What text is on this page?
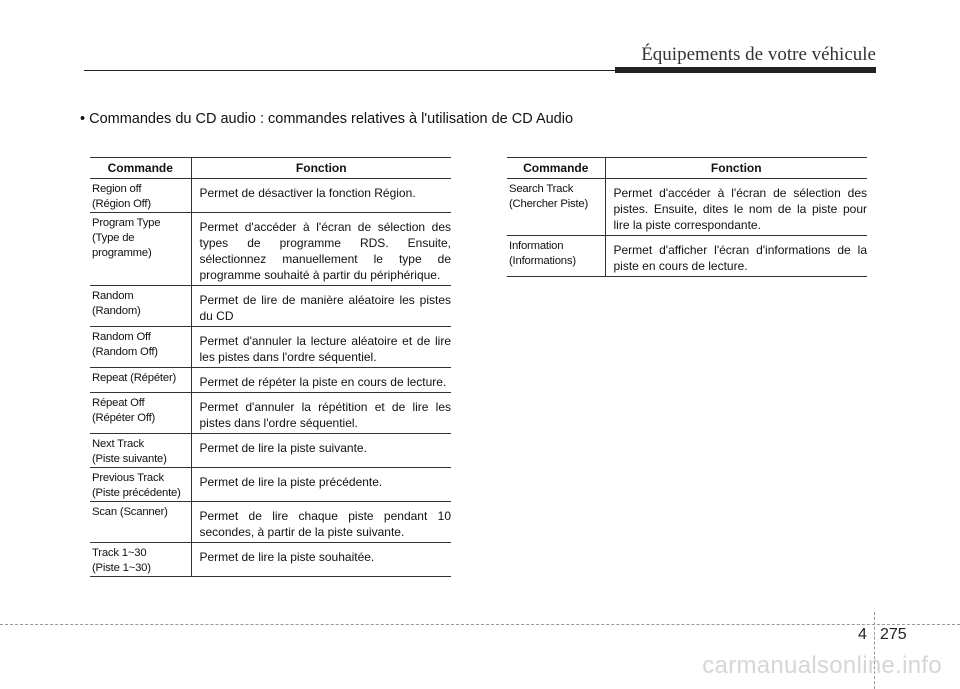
Équipements de votre véhicule
• Commandes du CD audio : commandes relatives à l'utilisation de CD Audio
Commande	Fonction
Region off
(Région Off)	Permet de désactiver la fonction Région.
Program Type
(Type de
programme)	Permet d'accéder à l'écran de sélection des types de programme RDS. Ensuite, sélectionnez manuellement le type de programme souhaité à partir du périphérique.
Random
(Random)	Permet de lire de manière aléatoire les pistes du CD
Random Off
(Random Off)	Permet d'annuler la lecture aléatoire et de lire les pistes dans l'ordre séquentiel.
Repeat (Répéter)	Permet de répéter la piste en cours de lecture.
Répeat Off
(Répéter Off)	Permet d'annuler la répétition et de lire les pistes dans l'ordre séquentiel.
Next Track
(Piste suivante)	Permet de lire la piste suivante.
Previous Track
(Piste précédente)	Permet de lire la piste précédente.
Scan (Scanner)	Permet de lire chaque piste pendant 10 secondes, à partir de la piste suivante.
Track 1~30
(Piste 1~30)	Permet de lire la piste souhaitée.
Commande	Fonction
Search Track
(Chercher Piste)	Permet d'accéder à l'écran de sélection des pistes. Ensuite, dites le nom de la piste pour lire la piste correspondante.
Information
(Informations)	Permet d'afficher l'écran d'informations de la piste en cours de lecture.
4 275
carmanualsonline.info
